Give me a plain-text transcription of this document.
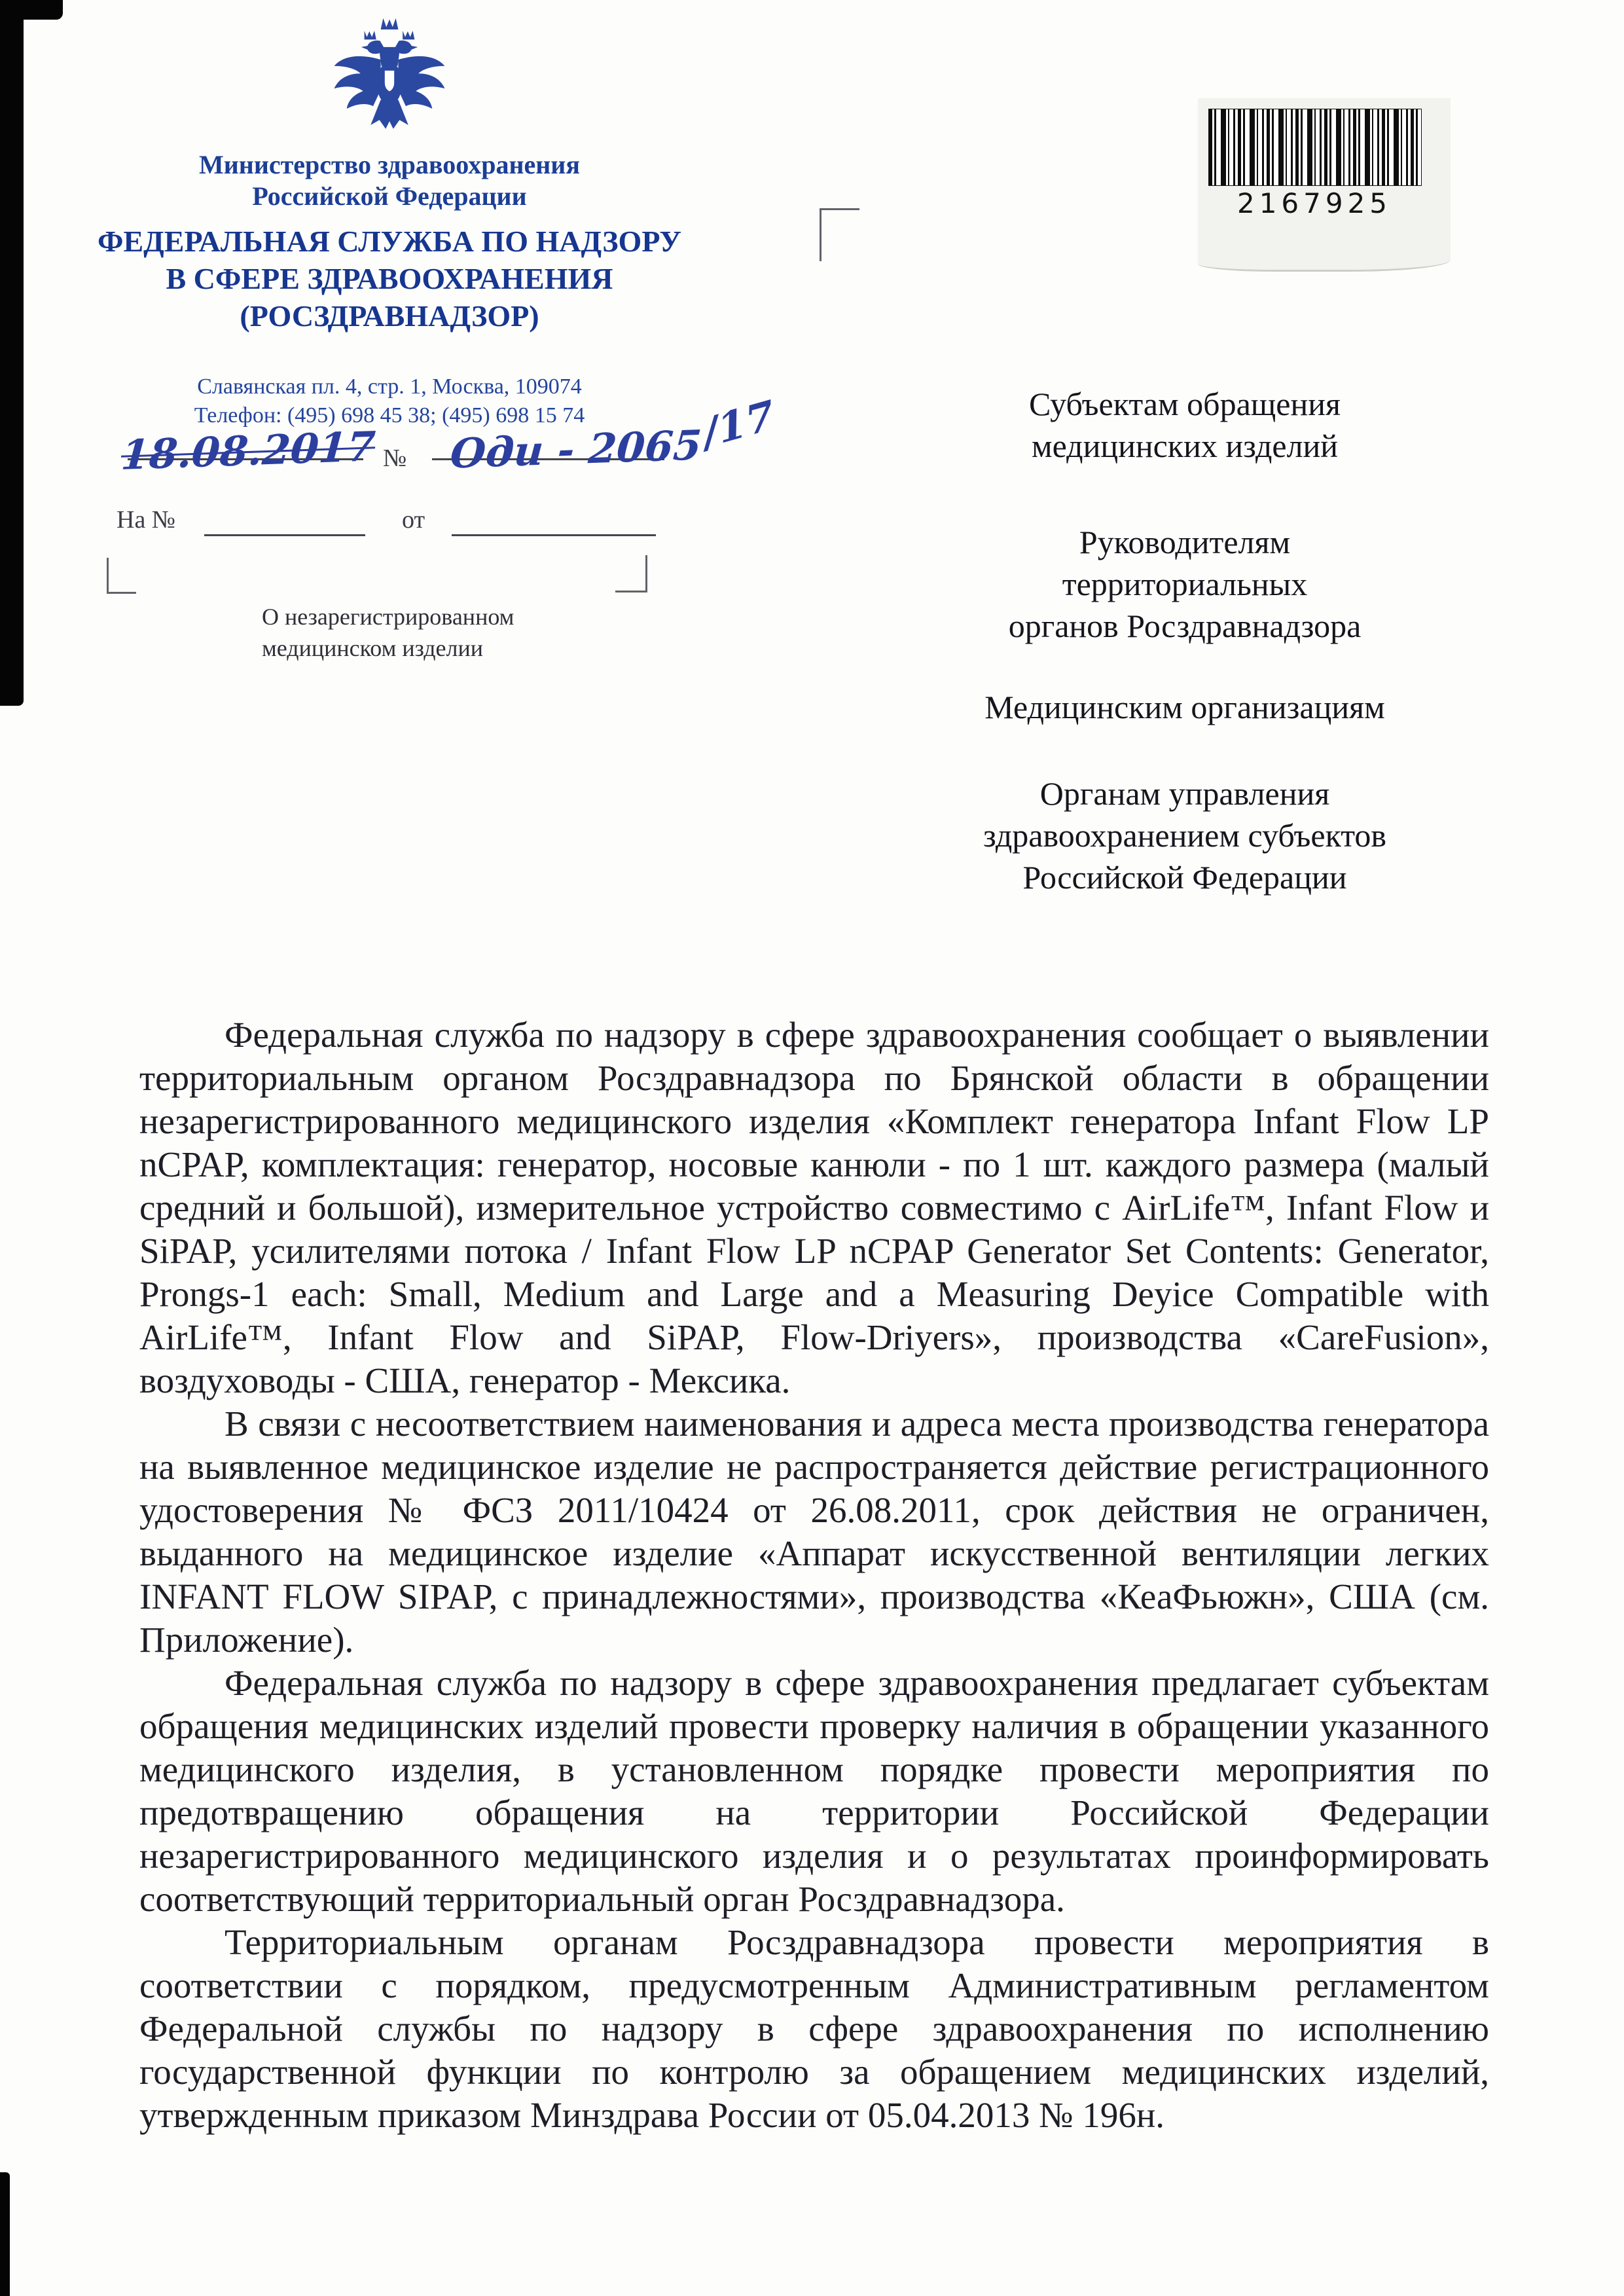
Министерство здравоохранения
Российской Федерации
ФЕДЕРАЛЬНАЯ СЛУЖБА ПО НАДЗОРУ
В СФЕРЕ ЗДРАВООХРАНЕНИЯ
(РОСЗДРАВНАДЗОР)
Славянская пл. 4, стр. 1, Москва, 109074
Телефон: (495) 698 45 38; (495) 698 15 74
№
18.08.2017 Оди - 2065/17
На №	от
О незарегистрированном
медицинском изделии
2167925
Субъектам обращения
медицинских изделий
Руководителям
территориальных
органов Росздравнадзора
Медицинским организациям
Органам управления
здравоохранением субъектов
Российской Федерации

Федеральная служба по надзору в сфере здравоохранения сообщает о выявлении территориальным органом Росздравнадзора по Брянской области в обращении незарегистрированного медицинского изделия «Комплект генератора Infant Flow LP nCPAP, комплектация: генератор, носовые канюли - по 1 шт. каждого размера (малый средний и большой), измерительное устройство совместимо с AirLife™, Infant Flow и SiPAP, усилителями потока / Infant Flow LP nCPAP Generator Set Contents: Generator, Prongs-1 each: Small, Medium and Large and a Measuring Deyice Compatible with AirLife™, Infant Flow and SiPAP, Flow-Driyers», производства «CareFusion», воздуховоды - США, генератор - Мексика.

В связи с несоответствием наименования и адреса места производства генератора на выявленное медицинское изделие не распространяется действие регистрационного удостоверения № ФСЗ 2011/10424 от 26.08.2011, срок действия не ограничен, выданного на медицинское изделие «Аппарат искусственной вентиляции легких INFANT FLOW SIPAP, с принадлежностями», производства «КеаФьюжн», США (см. Приложение).

Федеральная служба по надзору в сфере здравоохранения предлагает субъектам обращения медицинских изделий провести проверку наличия в обращении указанного медицинского изделия, в установленном порядке провести мероприятия по предотвращению обращения на территории Российской Федерации незарегистрированного медицинского изделия и о результатах проинформировать соответствующий территориальный орган Росздравнадзора.

Территориальным органам Росздравнадзора провести мероприятия в соответствии с порядком, предусмотренным Административным регламентом Федеральной службы по надзору в сфере здравоохранения по исполнению государственной функции по контролю за обращением медицинских изделий, утвержденным приказом Минздрава России от 05.04.2013 № 196н.
